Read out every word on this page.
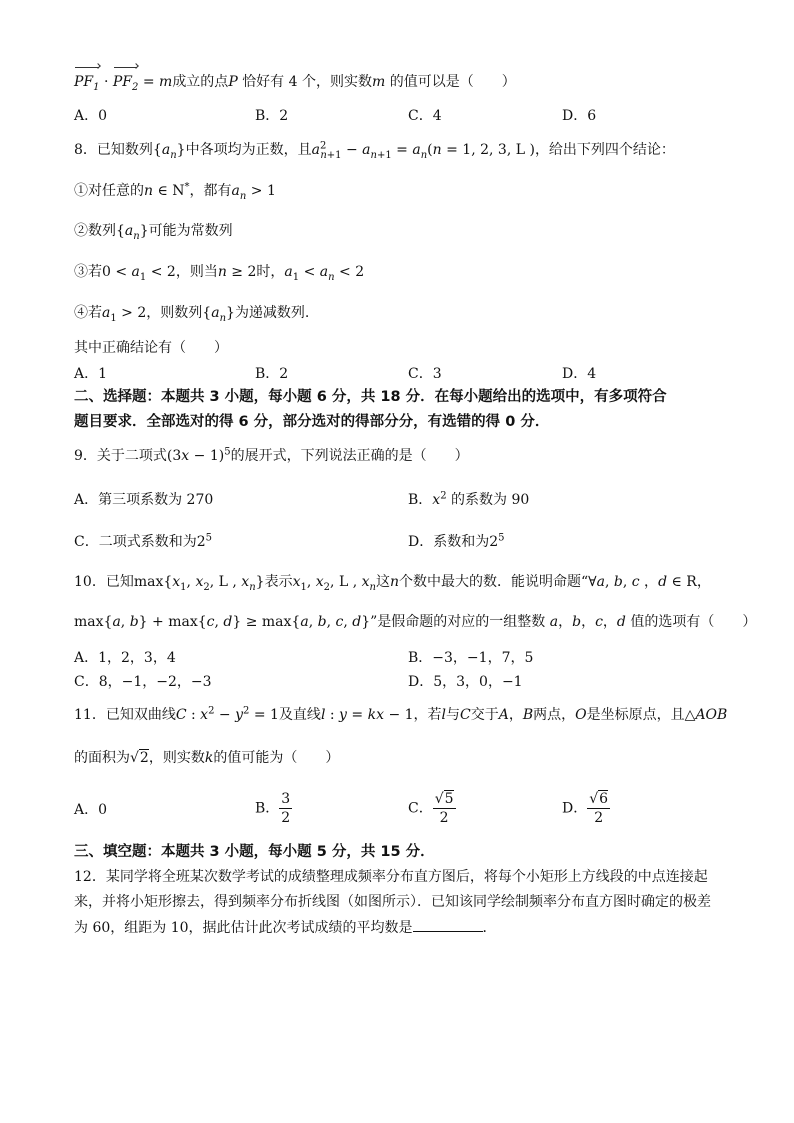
$PF_1 \cdot PF_2 = m$成立的点P 恰好有 4 个，则实数m 的值可以是（　　）
A．0	B．2	C．4	D．6
8．已知数列$\{a_n\}$中各项均为正数，且$a^2_{n+1} - a_{n+1} = a_n(n = 1$, 2, 3, L )，给出下列四个结论：
①对任意的n ∈ N*，都有$a_n > 1$
②数列$\{a_n\}$可能为常数列
③若$0 < a_1 < 2$，则当n ≥ 2时，$a_1 < a_n < 2$
④若$a_1 > 2$，则数列$\{a_n\}$为递减数列.
其中正确结论有（　　）
A．1	B．2	C．3	D．4
二、选择题：本题共 3 小题，每小题 6 分，共 18 分．在每小题给出的选项中，有多项符合
题目要求．全部选对的得 6 分，部分选对的得部分分，有选错的得 0 分．
9．关于二项式$(3x - 1)^5$的展开式，下列说法正确的是（　　）
A．第三项系数为 270	B．$x^2$ 的系数为 90
C．二项式系数和为$2^5$	D．系数和为$2^5$
10．已知$\max\{x_1$, $x_2$, L , $x_n$}表示$x_1$, $x_2$, L , $x_n$这n个数中最大的数．能说明命题“∀a, b, c ，d ∈ R，
max{a, b} + max{c, d} ≥ max{a, b, c, d}”是假命题的对应的一组整数 a，b，c，d 值的选项有（　　）
A．1，2，3，4	B．−3，−1，7，5
C．8，−1，−2，−3	D．5，3，0，−1
11．已知双曲线C : $x^2 - y^2 = 1$及直线l : y = kx − 1，若l与C交于A，B两点，O是坐标原点，且△AOB
的面积为√2，则实数k的值可能为（　　）
A．0	B． $\frac{3}{2}$	C． $\frac{√5}{2}$	D． $\frac{√6}{2}$
三、填空题：本题共 3 小题，每小题 5 分，共 15 分．
12．某同学将全班某次数学考试的成绩整理成频率分布直方图后，将每个小矩形上方线段的中点连接起
来，并将小矩形擦去，得到频率分布折线图（如图所示）．已知该同学绘制频率分布直方图时确定的极差
为 60，组距为 10，据此估计此次考试成绩的平均数是	．
